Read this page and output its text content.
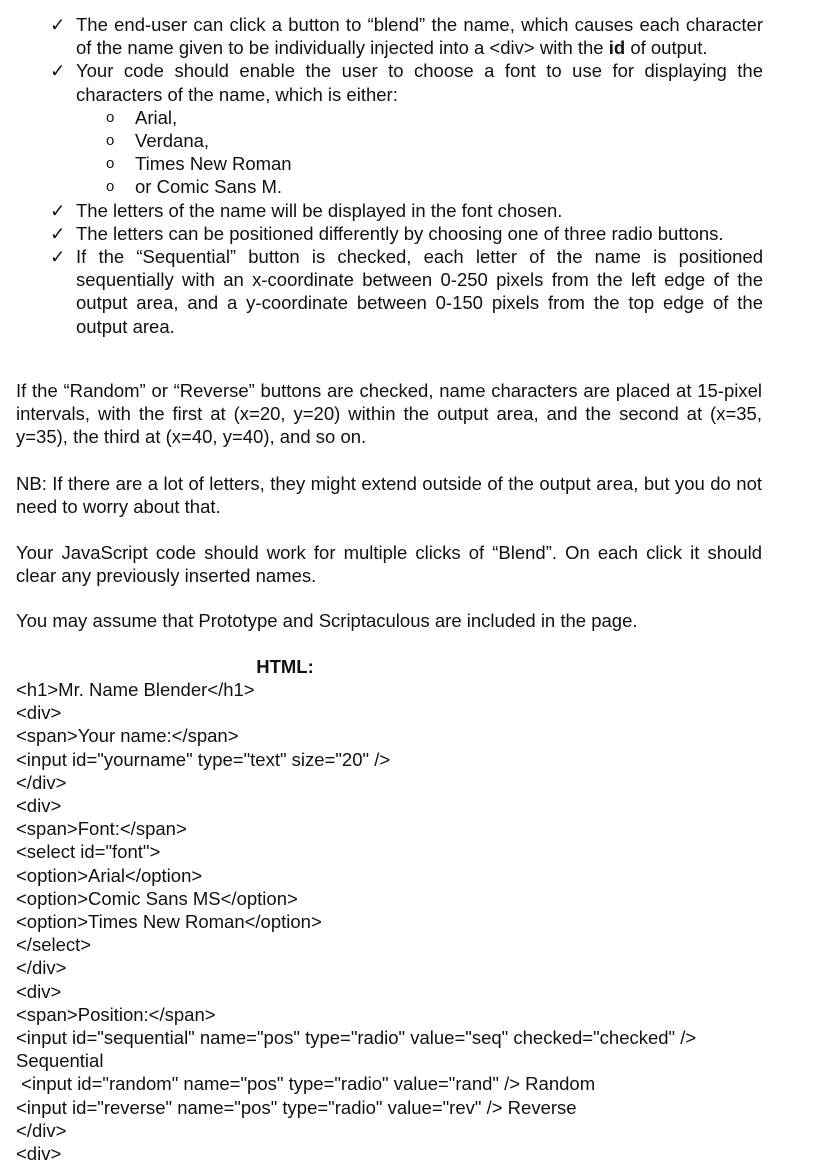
✓ The end-user can click a button to “blend” the name, which causes each character of the name given to be individually injected into a <div> with the id of output.
✓ Your code should enable the user to choose a font to use for displaying the characters of the name, which is either:
o	Arial,
o	Verdana,
o	Times New Roman
o	or Comic Sans M.
✓ The letters of the name will be displayed in the font chosen.
✓ The letters can be positioned differently by choosing one of three radio buttons.
✓ If the “Sequential” button is checked, each letter of the name is positioned sequentially with an x-coordinate between 0-250 pixels from the left edge of the output area, and a y-coordinate between 0-150 pixels from the top edge of the output area.
If the “Random” or “Reverse” buttons are checked, name characters are placed at 15-pixel intervals, with the first at (x=20, y=20) within the output area, and the second at (x=35, y=35), the third at (x=40, y=40), and so on.
NB: If there are a lot of letters, they might extend outside of the output area, but you do not need to worry about that.
Your JavaScript code should work for multiple clicks of “Blend”. On each click it should clear any previously inserted names.
You may assume that Prototype and Scriptaculous are included in the page.
HTML:
<h1>Mr. Name Blender</h1>
<div>
<span>Your name:</span>
<input id="yourname" type="text" size="20" />
</div>
<div>
<span>Font:</span>
<select id="font">
<option>Arial</option>
<option>Comic Sans MS</option>
<option>Times New Roman</option>
</select>
</div>
<div>
<span>Position:</span>
<input id="sequential" name="pos" type="radio" value="seq" checked="checked" />
Sequential
<input id="random" name="pos" type="radio" value="rand" /> Random
<input id="reverse" name="pos" type="radio" value="rev" /> Reverse
</div>
<div>
